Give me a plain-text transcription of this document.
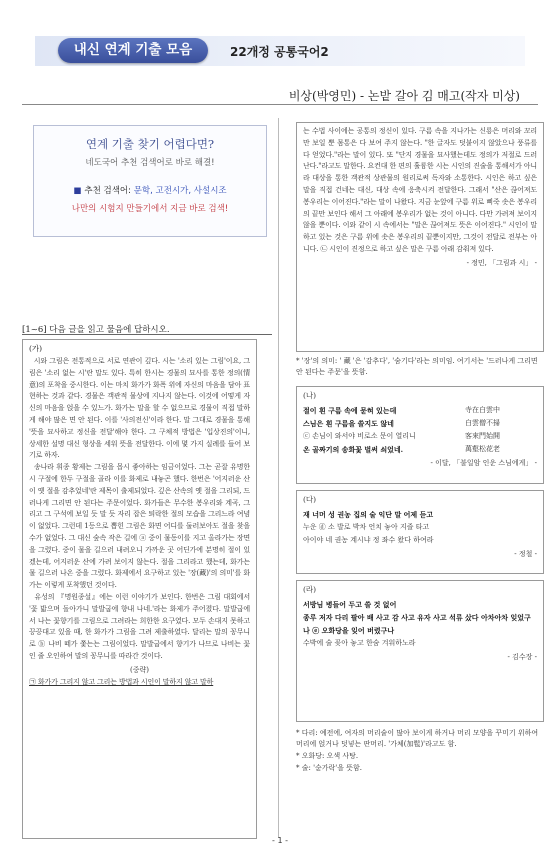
내신 연계 기출 모음	22개정 공통국어2
비상(박영민) - 논밭 갈아 김 매고(작자 미상)
연계 기출 찾기 어렵다면?
네도국어 추천 검색어로 바로 해결!
■ 추천 검색어: 문학, 고전시가, 사설시조
나만의 시험지 만들기에서 지금 바로 검색!
[1~6] 다음 글을 읽고 물음에 답하시오.
(가)
시와 그림은 전통적으로 서로 연관이 깊다. 시는 '소리 있는 그림'이요, 그림은 '소리 없는 시'란 말도 있다. 특히 한시는 경물의 묘사를 통한 정의(情意)의 포착을 중시한다. 이는 마치 화가가 화폭 위에 자신의 마음을 담아 표현하는 것과 같다. 경물은 객관적 물상에 지나지 않는다. 이것에 어떻게 자신의 마음을 얹을 수 있느가. 화가는 말을 할 수 없으므로 경물이 직접 말하게 해야 많은 면 안 된다. 이를 '사의전신'이라 한다. 말 그대로 경물을 통해 '뜻을 묘사하고 정신을 전달'해야 한다. 그 구체적 방법은 '입상진의'이니, 상세한 설명 대신 형상을 세워 뜻을 전달한다. 이에 몇 가지 실례를 들어 보기로 하자.
송나라 휘종 황제는 그림을 몹시 좋아하는 임금이었다. 그는 곧잘 유명한 시 구절에 한두 구절을 골라 이를 화제로 내놓곤 했다. 한번은 '어지러운 산이 옛 절을 감추었네'란 제목이 출제되었다. 깊은 산속의 옛 절을 그리되, 드러나게 그리면 안 된다는 주문이었다. 화가들은 무수한 봉우리와 계곡, 그리고 그 구석에 보일 듯 말 듯 자리 잡은 퇴락한 절의 모습을 그리느라 여념이 없었다. 그런데 1등으로 뽑힌 그림은 화면 어디를 둘러보아도 절을 찾을 수가 없었다. 그 대신 숲속 작은 길에 ⓐ 중이 물동이를 지고 올라가는 장면을 그렸다. 중이 물을 길으러 내려오니 가까운 곳 어딘가에 분명히 절이 있겠는데, 어지러운 산에 가려 보이지 않는다. 절을 그리라고 했는데, 화가는 물 길으러 나온 중을 그렸다. 화제에서 요구하고 있는 '장(藏)'의 의미'를 화가는 이렇게 포착했던 것이다.
유성의 『명원종설』에는 이런 이야기가 보인다. 한번은 그림 대회에서 '꽃 밟으며 돌아가니 말발굽에 향내 나네.'라는 화제가 주어졌다. 말발굽에서 나는 꽃향기를 그림으로 그려라는 희한한 요구였다. 모두 손대지 못하고 끙끙대고 있을 때, 한 화가가 그림을 그려 제출하였다. 달리는 말의 꽁무니로 ⓑ 나비 떼가 쫓는는 그림이었다. 말발굽에서 향기가 나므로 나비는 꽃인 줄 오인하여 말의 꽁무니를 따라간 것이다.
(중략)
㉠ 화가가 그리지 않고 그리는 방법과 시인이 말하지 않고 말하
는 수법 사이에는 공통의 정신이 있다. 구름 속을 지나가는 신룡은 머리와 꼬리만 보일 뿐 몸통은 다 보여 주지 않는다. "한 글자도 덧붙이지 않았으나 풍류를 다 얻었다."라는 말이 있다. 또 "단지 경물을 묘사했는데도 정의가 저절로 드러난다."라고도 말한다. 요컨대 한 편의 훌륭한 시는 시인의 진술을 통해서가 아니라 대상을 통한 객관적 상관물의 원리로써 독자와 소통한다. 시인은 하고 싶은 말을 직접 건네는 대신, 대상 속에 응축시켜 전달한다. 그래서 "산은 끊어져도 봉우리는 이어진다."라는 말이 나왔다. 지금 눈앞에 구름 위로 삐죽 솟은 봉우리의 끝만 보인다 해서 그 아래에 봉우리가 없는 것이 아니다. 다만 가려져 보이지 않을 뿐이다. 이와 같이 시 속에서는 "말은 끊어져도 뜻은 이어진다." 시인이 말하고 있는 것은 구름 위에 솟은 봉우리의 끝뿐이지만, 그것이 전달로 전부는 아니다. ㉡ 시인이 진정으로 하고 싶은 말은 구름 아래 감춰져 있다.
- 정민, 「그림과 시」 -
* '장'의 의미: ' 藏 '은 '감추다', '숨기다'라는 의미임. 여기서는 '드러나게 그리면 안 된다는 주문'을 뜻함.
(나)
절이 흰 구름 속에 묻혀 있는데	寺在白雲中
스님은 흰 구름을 쓸지도 않네	白雲僧不掃
ⓒ 손님이 와서야 비로소 문이 열리니	客來門始開
온 골짜기의 송화꽃 벌써 쇠었네.	萬壑松花老
- 이달, 「불일암 인운 스님에게」 -
(다)
재 너머 성 권농 집의 술 익단 말 어제 듣고
누운 ⓓ 소 발로 박차 언치 놓아 지즐 타고
아이야 네 권농 계시냐 정 좌수 왔다 하여라
- 정철 -
(라)
서방님 병들어 두고 쓸 것 없어
종루 저자 다리 팔아 배 사고 감 사고 유자 사고 석류 샀다 아차아차 잊었구나 ⓔ 오화당을 잊어 버렸구나
수박에 술 꽂아 놓고 한숨 겨워하노라
- 김수장 -
* 다리: 예전에, 여자의 머리숱이 많아 보이게 하거나 머리 모양을 꾸미기 위하여 머리에 얹거나 덧넣는 딴머리. '가체(加髢)'라고도 함.
* 오화당: 오색 사탕.
* 술: '숟가락'을 뜻함.
- 1 -
